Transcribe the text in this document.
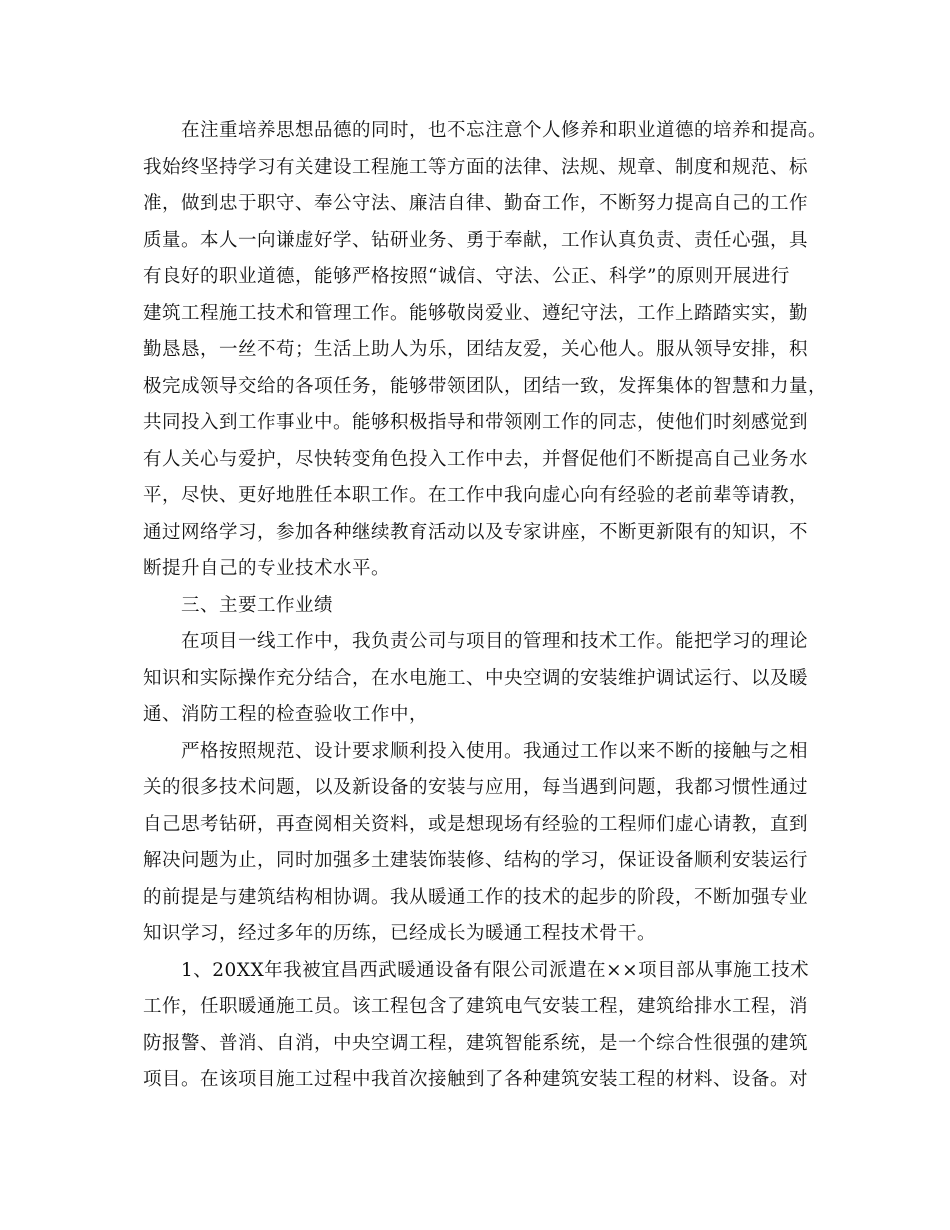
在注重培养思想品德的同时，也不忘注意个人修养和职业道德的培养和提高。
我始终坚持学习有关建设工程施工等方面的法律、法规、规章、制度和规范、标
准，做到忠于职守、奉公守法、廉洁自律、勤奋工作，不断努力提高自己的工作
质量。本人一向谦虚好学、钻研业务、勇于奉献，工作认真负责、责任心强，具
有良好的职业道德，能够严格按照“诚信、守法、公正、科学”的原则开展进行
建筑工程施工技术和管理工作。能够敬岗爱业、遵纪守法，工作上踏踏实实，勤
勤恳恳，一丝不苟；生活上助人为乐，团结友爱，关心他人。服从领导安排，积
极完成领导交给的各项任务，能够带领团队，团结一致，发挥集体的智慧和力量，
共同投入到工作事业中。能够积极指导和带领刚工作的同志，使他们时刻感觉到
有人关心与爱护，尽快转变角色投入工作中去，并督促他们不断提高自己业务水
平，尽快、更好地胜任本职工作。在工作中我向虚心向有经验的老前辈等请教，
通过网络学习，参加各种继续教育活动以及专家讲座，不断更新限有的知识，不
断提升自己的专业技术水平。
三、主要工作业绩
在项目一线工作中，我负责公司与项目的管理和技术工作。能把学习的理论
知识和实际操作充分结合，在水电施工、中央空调的安装维护调试运行、以及暖
通、消防工程的检查验收工作中，
严格按照规范、设计要求顺利投入使用。我通过工作以来不断的接触与之相
关的很多技术问题，以及新设备的安装与应用，每当遇到问题，我都习惯性通过
自己思考钻研，再查阅相关资料，或是想现场有经验的工程师们虚心请教，直到
解决问题为止，同时加强多土建装饰装修、结构的学习，保证设备顺利安装运行
的前提是与建筑结构相协调。我从暖通工作的技术的起步的阶段，不断加强专业
知识学习，经过多年的历练，已经成长为暖通工程技术骨干。
1、20XX年我被宜昌西武暖通设备有限公司派遣在××项目部从事施工技术
工作，任职暖通施工员。该工程包含了建筑电气安装工程，建筑给排水工程，消
防报警、普消、自消，中央空调工程，建筑智能系统，是一个综合性很强的建筑
项目。在该项目施工过程中我首次接触到了各种建筑安装工程的材料、设备。对
